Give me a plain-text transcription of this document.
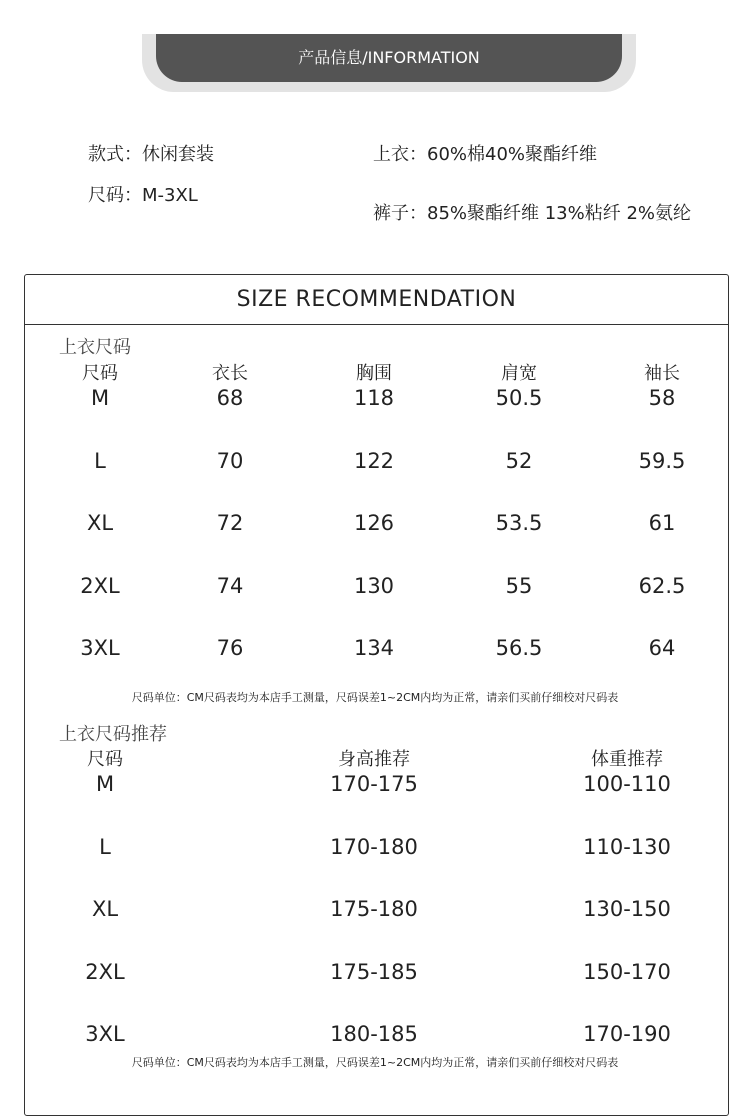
产品信息/INFORMATION
款式：休闲套装
尺码：M-3XL
上衣：60%棉40%聚酯纤维
裤子：85%聚酯纤维 13%粘纤 2%氨纶
SIZE RECOMMENDATION
上衣尺码
尺码	衣长	胸围	肩宽	袖长
M	68	118	50.5	58
L	70	122	52	59.5
XL	72	126	53.5	61
2XL	74	130	55	62.5
3XL	76	134	56.5	64
尺码单位：CM尺码表均为本店手工测量，尺码误差1~2CM内均为正常，请亲们买前仔细校对尺码表
上衣尺码推荐
尺码	身高推荐	体重推荐
M	170-175	100-110
L	170-180	110-130
XL	175-180	130-150
2XL	175-185	150-170
3XL	180-185	170-190
尺码单位：CM尺码表均为本店手工测量，尺码误差1~2CM内均为正常，请亲们买前仔细校对尺码表
